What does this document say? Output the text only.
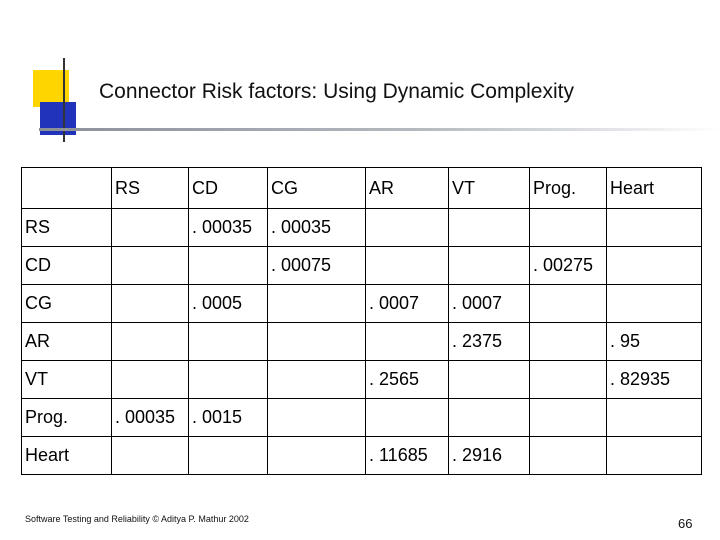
Connector Risk factors: Using Dynamic Complexity
	RS	CD	CG	AR	VT	Prog.	Heart
RS		. 00035	. 00035				
CD			. 00075			. 00275	
CG		. 0005		. 0007	. 0007		
AR					. 2375		. 95
VT				. 2565			. 82935
Prog.	. 00035	. 0015					
Heart				. 11685	. 2916		
Software Testing and Reliability © Aditya P. Mathur 2002	66
